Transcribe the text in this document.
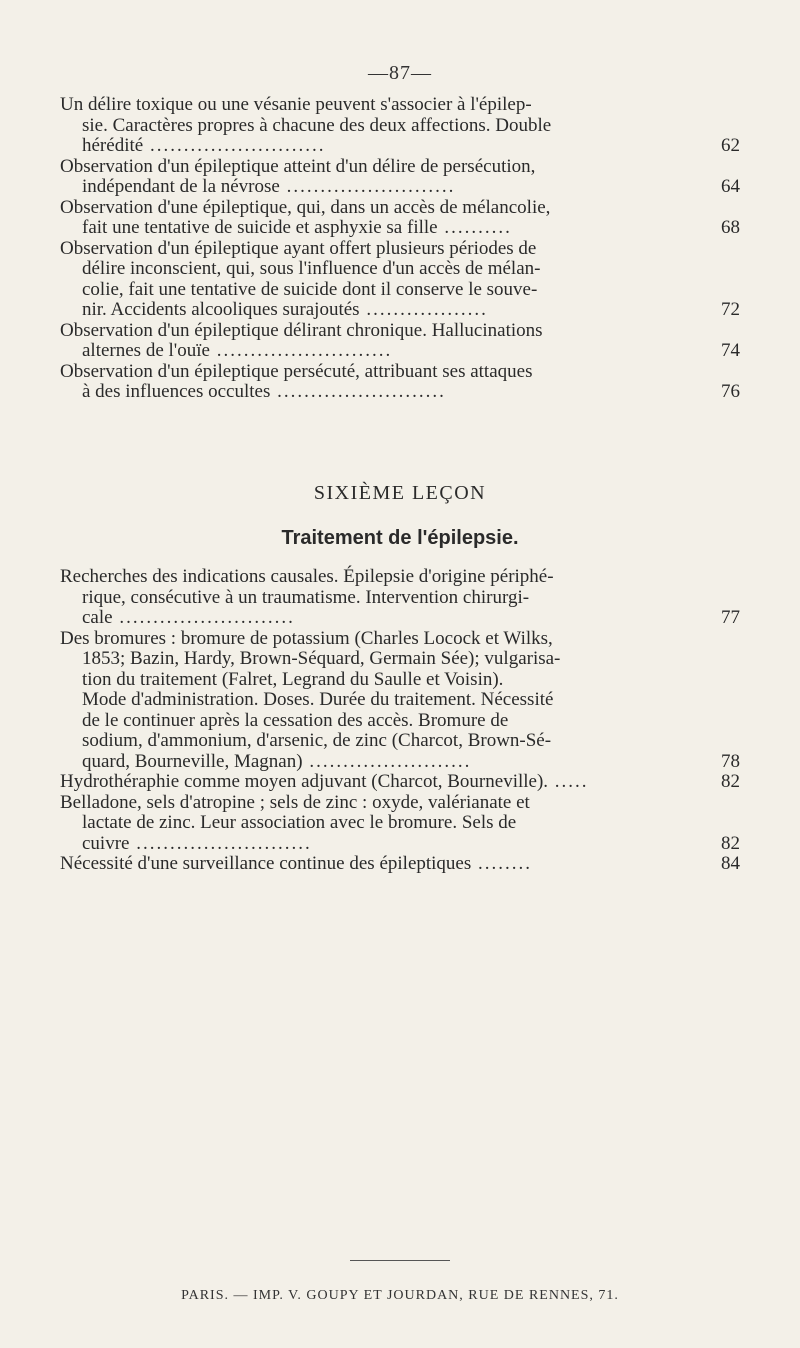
—87—
Un délire toxique ou une vésanie peuvent s'associer à l'épilep-
sie. Caractères propres à chacune des deux affections. Double
hérédité ..........................	62
Observation d'un épileptique atteint d'un délire de persécution,
indépendant de la névrose .........................	64
Observation d'une épileptique, qui, dans un accès de mélancolie,
fait une tentative de suicide et asphyxie sa fille ..........	68
Observation d'un épileptique ayant offert plusieurs périodes de
délire inconscient, qui, sous l'influence d'un accès de mélan-
colie, fait une tentative de suicide dont il conserve le souve-
nir. Accidents alcooliques surajoutés ..................	72
Observation d'un épileptique délirant chronique. Hallucinations
alternes de l'ouïe ..........................	74
Observation d'un épileptique persécuté, attribuant ses attaques
à des influences occultes .........................	76
SIXIÈME LEÇON
Traitement de l'épilepsie.
Recherches des indications causales. Épilepsie d'origine périphé-
rique, consécutive à un traumatisme. Intervention chirurgi-
cale ..........................	77
Des bromures : bromure de potassium (Charles Locock et Wilks,
1853; Bazin, Hardy, Brown-Séquard, Germain Sée); vulgarisa-
tion du traitement (Falret, Legrand du Saulle et Voisin).
Mode d'administration. Doses. Durée du traitement. Nécessité
de le continuer après la cessation des accès. Bromure de
sodium, d'ammonium, d'arsenic, de zinc (Charcot, Brown-Sé-
quard, Bourneville, Magnan) ........................	78
Hydrothéraphie comme moyen adjuvant (Charcot, Bourneville). .....	82
Belladone, sels d'atropine ; sels de zinc : oxyde, valérianate et
lactate de zinc. Leur association avec le bromure. Sels de
cuivre ..........................	82
Nécessité d'une surveillance continue des épileptiques ........	84
PARIS. — IMP. V. GOUPY ET JOURDAN, RUE DE RENNES, 71.
